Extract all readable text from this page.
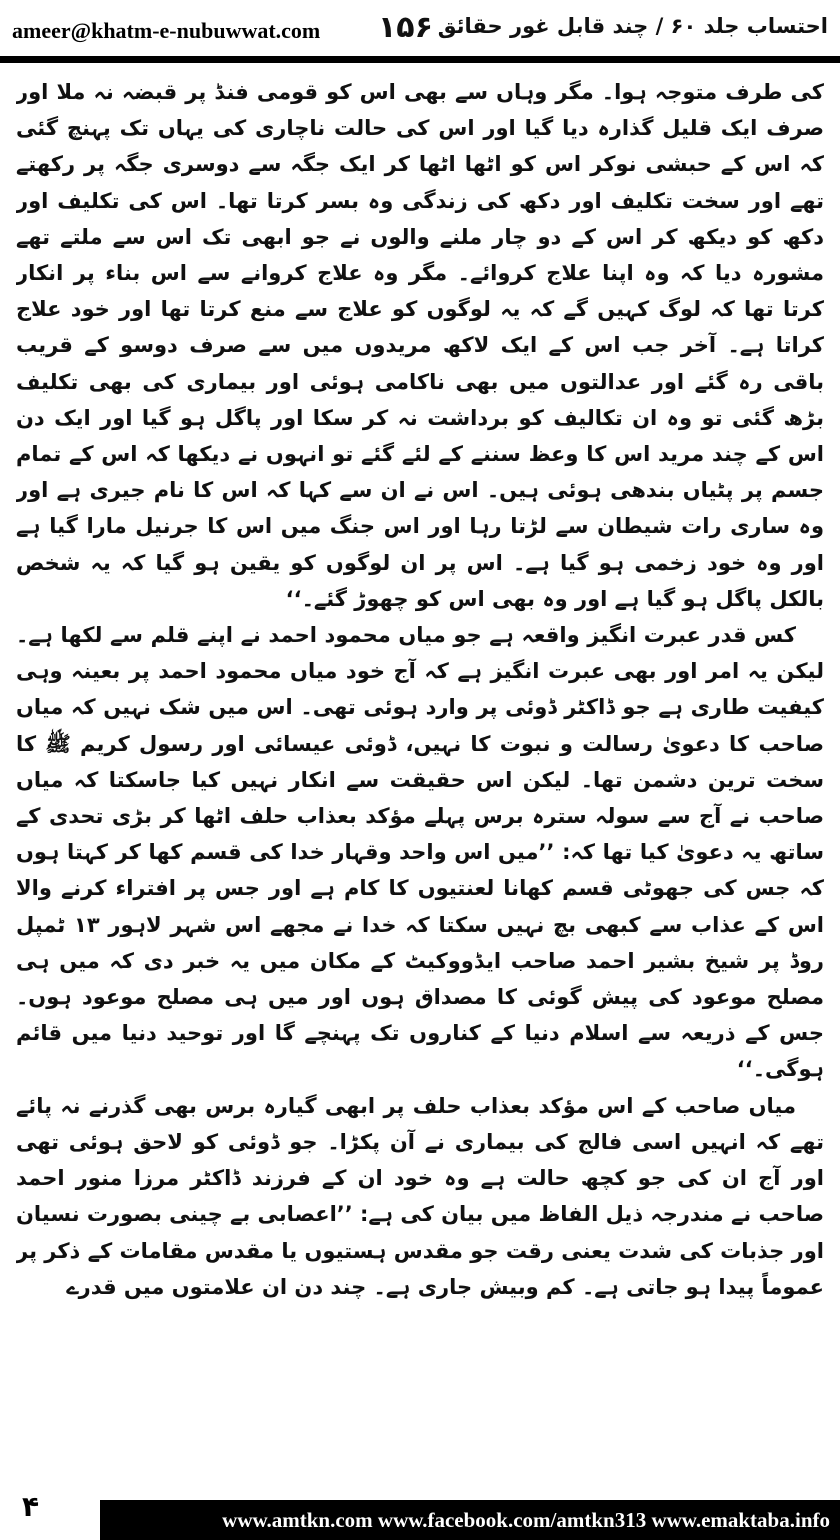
ameer@khatm-e-nubuwwat.com ۱۵۶ احتساب جلد ۶۰ / چند قابل غور حقائق

کی طرف متوجہ ہوا۔ مگر وہاں سے بھی اس کو قومی فنڈ پر قبضہ نہ ملا اور صرف ایک قلیل گذارہ دیا گیا اور اس کی حالت ناچاری کی یہاں تک پہنچ گئی کہ اس کے حبشی نوکر اس کو اٹھا اٹھا کر ایک جگہ سے دوسری جگہ پر رکھتے تھے اور سخت تکلیف اور دکھ کی زندگی وہ بسر کرتا تھا۔ اس کی تکلیف اور دکھ کو دیکھ کر اس کے دو چار ملنے والوں نے جو ابھی تک اس سے ملتے تھے مشورہ دیا کہ وہ اپنا علاج کروائے۔ مگر وہ علاج کروانے سے اس بناء پر انکار کرتا تھا کہ لوگ کہیں گے کہ یہ لوگوں کو علاج سے منع کرتا تھا اور خود علاج کراتا ہے۔ آخر جب اس کے ایک لاکھ مریدوں میں سے صرف دوسو کے قریب باقی رہ گئے اور عدالتوں میں بھی ناکامی ہوئی اور بیماری کی بھی تکلیف بڑھ گئی تو وہ ان تکالیف کو برداشت نہ کر سکا اور پاگل ہو گیا اور ایک دن اس کے چند مرید اس کا وعظ سننے کے لئے گئے تو انہوں نے دیکھا کہ اس کے تمام جسم پر پٹیاں بندھی ہوئی ہیں۔ اس نے ان سے کہا کہ اس کا نام جیری ہے اور وہ ساری رات شیطان سے لڑتا رہا اور اس جنگ میں اس کا جرنیل مارا گیا ہے اور وہ خود زخمی ہو گیا ہے۔ اس پر ان لوگوں کو یقین ہو گیا کہ یہ شخص بالکل پاگل ہو گیا ہے اور وہ بھی اس کو چھوڑ گئے۔‘‘

کس قدر عبرت انگیز واقعہ ہے جو میاں محمود احمد نے اپنے قلم سے لکھا ہے۔ لیکن یہ امر اور بھی عبرت انگیز ہے کہ آج خود میاں محمود احمد پر بعینہ وہی کیفیت طاری ہے جو ڈاکٹر ڈوئی پر وارد ہوئی تھی۔ اس میں شک نہیں کہ میاں صاحب کا دعویٰ رسالت و نبوت کا نہیں، ڈوئی عیسائی اور رسول کریم ﷺ کا سخت ترین دشمن تھا۔ لیکن اس حقیقت سے انکار نہیں کیا جاسکتا کہ میاں صاحب نے آج سے سولہ سترہ برس پہلے مؤکد بعذاب حلف اٹھا کر بڑی تحدی کے ساتھ یہ دعویٰ کیا تھا کہ: ’’میں اس واحد وقہار خدا کی قسم کھا کر کہتا ہوں کہ جس کی جھوٹی قسم کھانا لعنتیوں کا کام ہے اور جس پر افتراء کرنے والا اس کے عذاب سے کبھی بچ نہیں سکتا کہ خدا نے مجھے اس شہر لاہور ۱۳ ٹمپل روڈ پر شیخ بشیر احمد صاحب ایڈووکیٹ کے مکان میں یہ خبر دی کہ میں ہی مصلح موعود کی پیش گوئی کا مصداق ہوں اور میں ہی مصلح موعود ہوں۔ جس کے ذریعہ سے اسلام دنیا کے کناروں تک پہنچے گا اور توحید دنیا میں قائم ہوگی۔‘‘

میاں صاحب کے اس مؤکد بعذاب حلف پر ابھی گیارہ برس بھی گذرنے نہ پائے تھے کہ انہیں اسی فالج کی بیماری نے آن پکڑا۔ جو ڈوئی کو لاحق ہوئی تھی اور آج ان کی جو کچھ حالت ہے وہ خود ان کے فرزند ڈاکٹر مرزا منور احمد صاحب نے مندرجہ ذیل الفاظ میں بیان کی ہے: ’’اعصابی بے چینی بصورت نسیان اور جذبات کی شدت یعنی رقت جو مقدس ہستیوں یا مقدس مقامات کے ذکر پر عموماً پیدا ہو جاتی ہے۔ کم وبیش جاری ہے۔ چند دن ان علامتوں میں قدرے

www.amtkn.com www.facebook.com/amtkn313 www.emaktaba.info
۴
